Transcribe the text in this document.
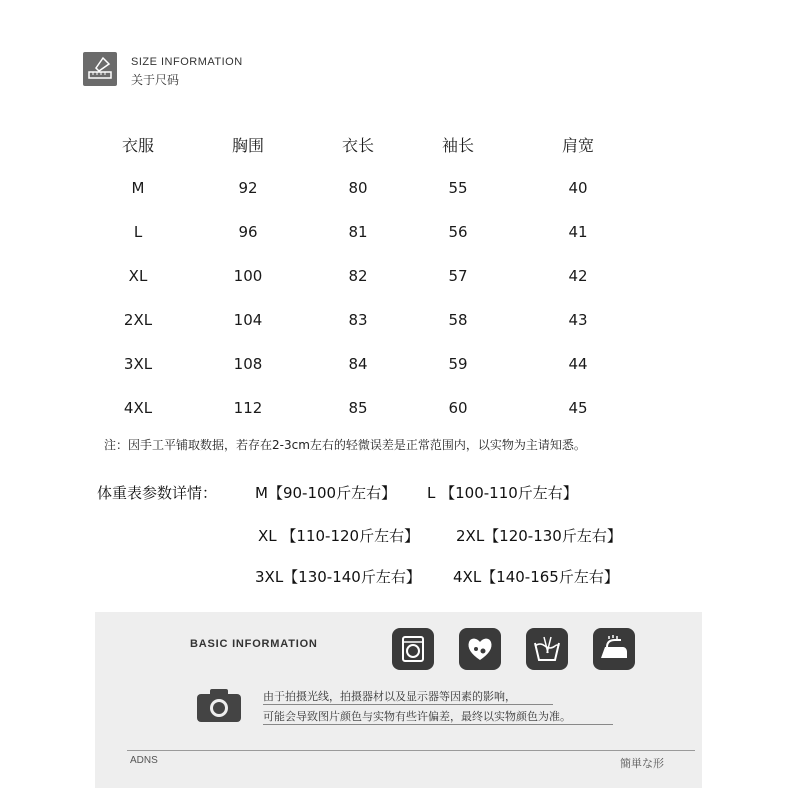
SIZE INFORMATION
关于尺码
衣服	胸围	衣长	袖长	肩宽
M	92	80	55	40
L	96	81	56	41
XL	100	82	57	42
2XL	104	83	58	43
3XL	108	84	59	44
4XL	112	85	60	45
注：因手工平铺取数据，若存在2-3cm左右的轻微误差是正常范围内，以实物为主请知悉。
体重表参数详情：	M【90-100斤左右】 L 【100-110斤左右】
XL 【110-120斤左右】 2XL【120-130斤左右】
3XL【130-140斤左右】 4XL【140-165斤左右】
BASIC INFORMATION
由于拍摄光线，拍摄器材以及显示器等因素的影响，
可能会导致图片颜色与实物有些许偏差，最终以实物颜色为准。
ADNS	簡単な形
